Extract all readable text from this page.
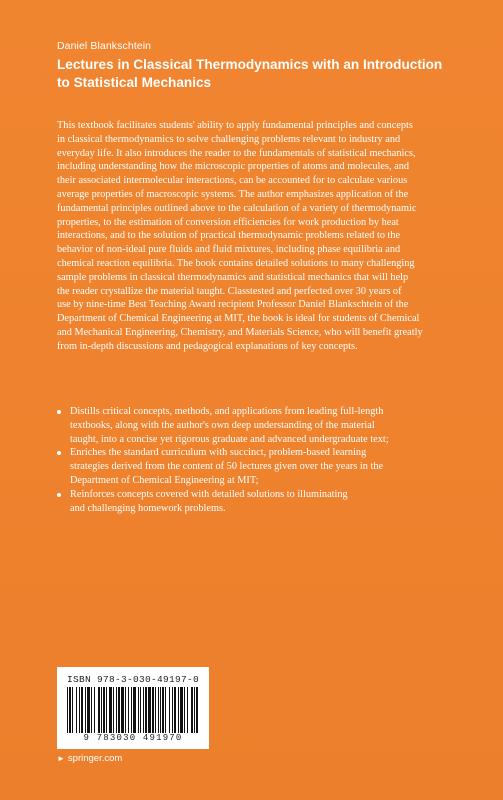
Daniel Blankschtein
Lectures in Classical Thermodynamics with an Introduction
to Statistical Mechanics
This textbook facilitates students' ability to apply fundamental principles and concepts
in classical thermodynamics to solve challenging problems relevant to industry and
everyday life. It also introduces the reader to the fundamentals of statistical mechanics,
including understanding how the microscopic properties of atoms and molecules, and
their associated intermolecular interactions, can be accounted for to calculate various
average properties of macroscopic systems. The author emphasizes application of the
fundamental principles outlined above to the calculation of a variety of thermodynamic
properties, to the estimation of conversion efficiencies for work production by heat
interactions, and to the solution of practical thermodynamic problems related to the
behavior of non-ideal pure fluids and fluid mixtures, including phase equilibria and
chemical reaction equilibria. The book contains detailed solutions to many challenging
sample problems in classical thermodynamics and statistical mechanics that will help
the reader crystallize the material taught. Classtested and perfected over 30 years of
use by nine-time Best Teaching Award recipient Professor Daniel Blankschtein of the
Department of Chemical Engineering at MIT, the book is ideal for students of Chemical
and Mechanical Engineering, Chemistry, and Materials Science, who will benefit greatly
from in-depth discussions and pedagogical explanations of key concepts.
Distills critical concepts, methods, and applications from leading full-length
textbooks, along with the author's own deep understanding of the material
taught, into a concise yet rigorous graduate and advanced undergraduate text;
Enriches the standard curriculum with succinct, problem-based learning
strategies derived from the content of 50 lectures given over the years in the
Department of Chemical Engineering at MIT;
Reinforces concepts covered with detailed solutions to illuminating
and challenging homework problems.
ISBN 978-3-030-49197-0
9 783030 491970
► springer.com
